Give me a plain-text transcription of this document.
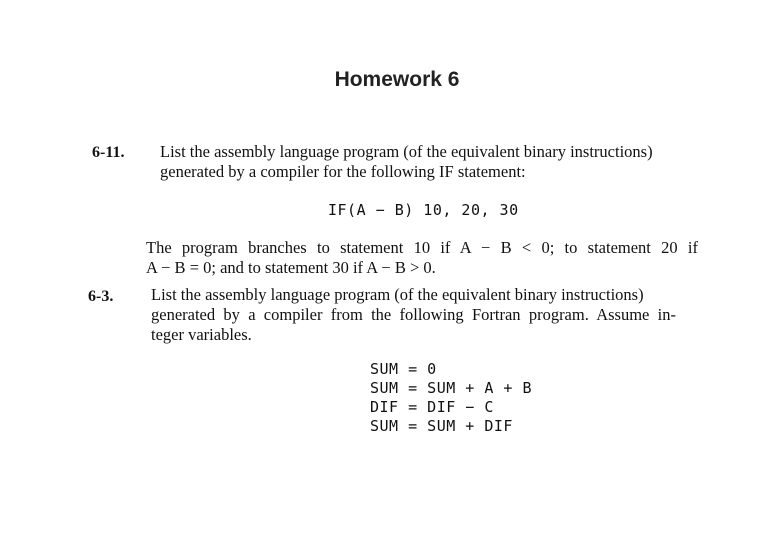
Homework 6
6-11. List the assembly language program (of the equivalent binary instructions)
generated by a compiler for the following IF statement:
IF(A − B) 10, 20, 30
The program branches to statement 10 if A − B < 0; to statement 20 if
A − B = 0; and to statement 30 if A − B > 0.
6-3. List the assembly language program (of the equivalent binary instructions)
generated by a compiler from the following Fortran program. Assume in-
teger variables.
SUM = 0
SUM = SUM + A + B
DIF = DIF − C
SUM = SUM + DIF
